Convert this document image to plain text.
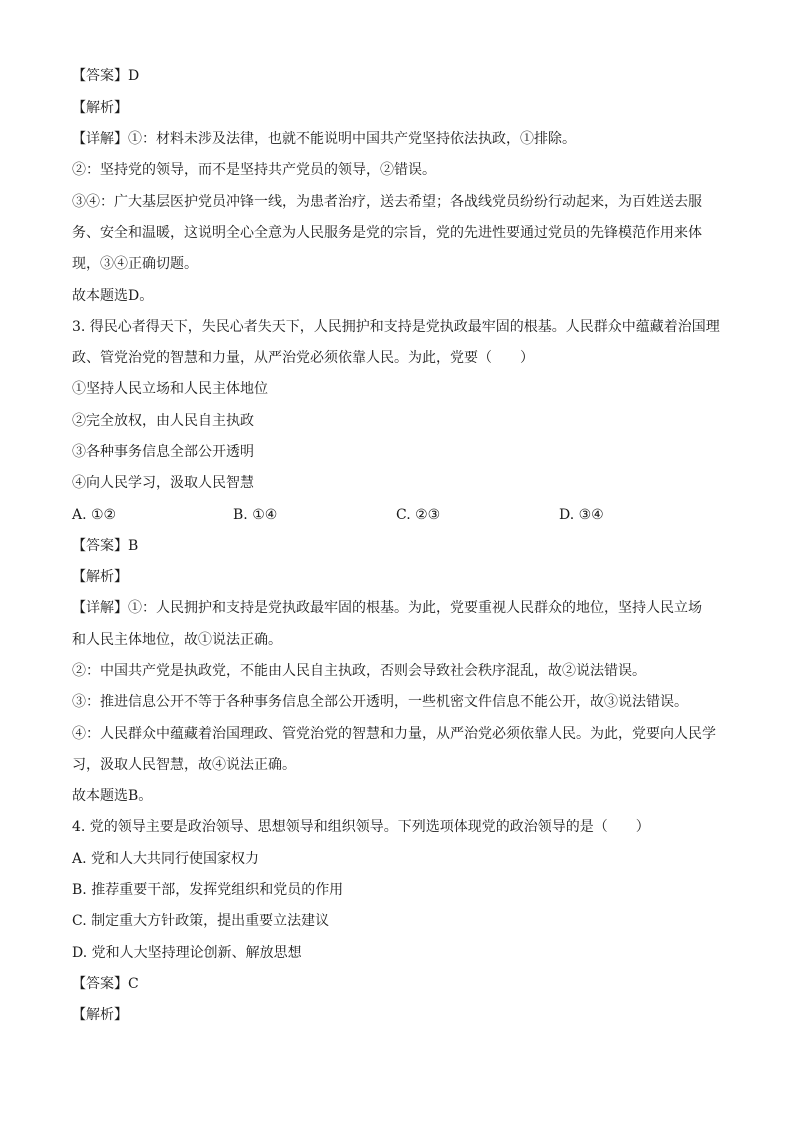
【答案】D
【解析】
【详解】①：材料未涉及法律，也就不能说明中国共产党坚持依法执政，①排除。
②：坚持党的领导，而不是坚持共产党员的领导，②错误。
③④：广大基层医护党员冲锋一线，为患者治疗，送去希望；各战线党员纷纷行动起来，为百姓送去服
务、安全和温暖，这说明全心全意为人民服务是党的宗旨，党的先进性要通过党员的先锋模范作用来体
现，③④正确切题。
故本题选D。
3. 得民心者得天下，失民心者失天下，人民拥护和支持是党执政最牢固的根基。人民群众中蕴藏着治国理
政、管党治党的智慧和力量，从严治党必须依靠人民。为此，党要（　　）
①坚持人民立场和人民主体地位
②完全放权，由人民自主执政
③各种事务信息全部公开透明
④向人民学习，汲取人民智慧
A. ①②	B. ①④	C. ②③	D. ③④
【答案】B
【解析】
【详解】①：人民拥护和支持是党执政最牢固的根基。为此，党要重视人民群众的地位，坚持人民立场
和人民主体地位，故①说法正确。
②：中国共产党是执政党，不能由人民自主执政，否则会导致社会秩序混乱，故②说法错误。
③：推进信息公开不等于各种事务信息全部公开透明，一些机密文件信息不能公开，故③说法错误。
④：人民群众中蕴藏着治国理政、管党治党的智慧和力量，从严治党必须依靠人民。为此，党要向人民学
习，汲取人民智慧，故④说法正确。
故本题选B。
4. 党的领导主要是政治领导、思想领导和组织领导。下列选项体现党的政治领导的是（　　）
A. 党和人大共同行使国家权力
B. 推荐重要干部，发挥党组织和党员的作用
C. 制定重大方针政策，提出重要立法建议
D. 党和人大坚持理论创新、解放思想
【答案】C
【解析】
